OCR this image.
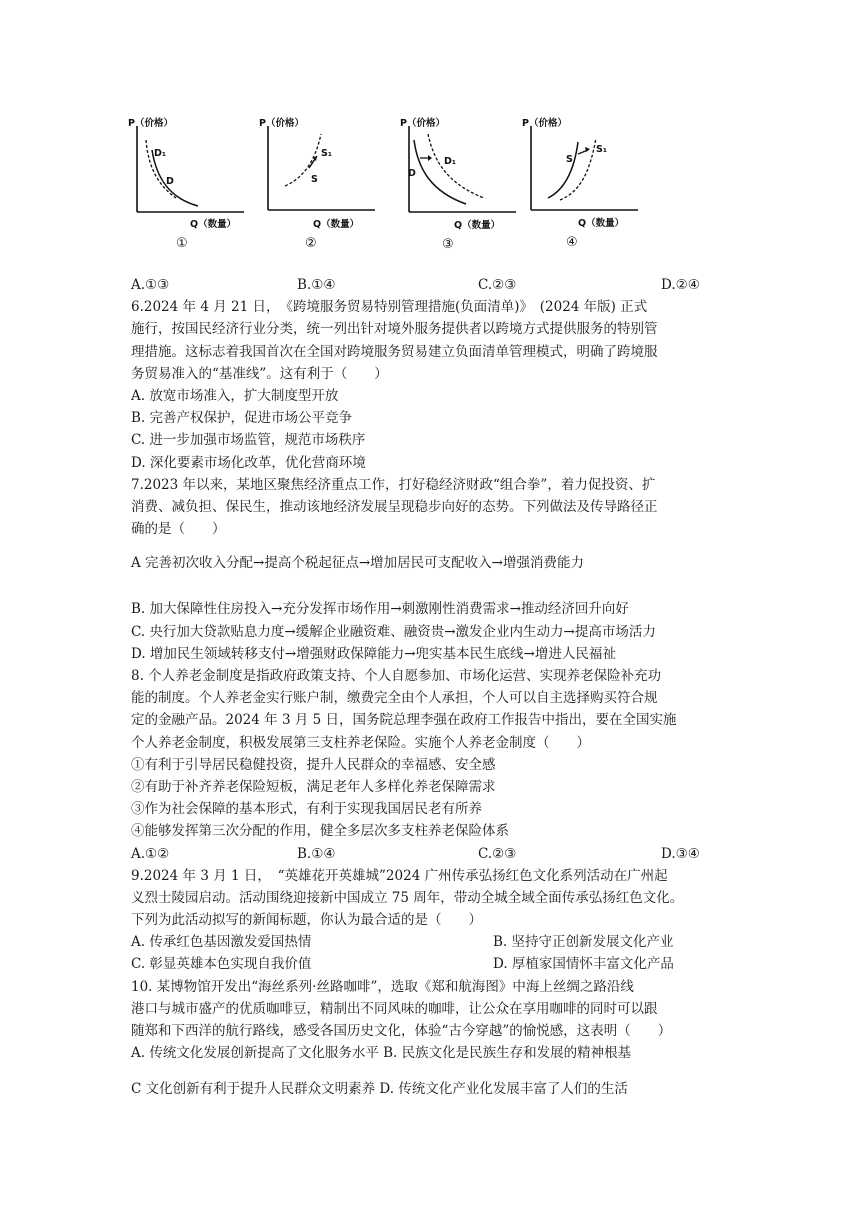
P（价格）
Q（数量）
D₁
D
①
P（价格）
Q（数量）
S₁
S
②
P（价格）
Q（数量）
D
D₁
③
P（价格）
Q（数量）
S
S₁
④
A.①③	B.①④	C.②③	D.②④
6.2024 年 4 月 21 日，　《跨境服务贸易特别管理措施(负面清单)》　(2024 年版) 正式
施行，按国民经济行业分类，统一列出针对境外服务提供者以跨境方式提供服务的特别管
理措施。这标志着我国首次在全国对跨境服务贸易建立负面清单管理模式，明确了跨境服
务贸易准入的“基准线”。这有利于（　　）
A. 放宽市场准入，扩大制度型开放
B. 完善产权保护，促进市场公平竞争
C. 进一步加强市场监管，规范市场秩序
D. 深化要素市场化改革，优化营商环境
7.2023 年以来，某地区聚焦经济重点工作，打好稳经济财政“组合拳”，着力促投资、扩
消费、减负担、保民生，推动该地经济发展呈现稳步向好的态势。下列做法及传导路径正
确的是（　　）
A 完善初次收入分配→提高个税起征点→增加居民可支配收入→增强消费能力
B. 加大保障性住房投入→充分发挥市场作用→刺激刚性消费需求→推动经济回升向好
C. 央行加大贷款贴息力度→缓解企业融资难、融资贵→激发企业内生动力→提高市场活力
D. 增加民生领域转移支付→增强财政保障能力→兜实基本民生底线→增进人民福祉
8. 个人养老金制度是指政府政策支持、个人自愿参加、市场化运营、实现养老保险补充功
能的制度。个人养老金实行账户制，缴费完全由个人承担，个人可以自主选择购买符合规
定的金融产品。2024 年 3 月 5 日，国务院总理李强在政府工作报告中指出，要在全国实施
个人养老金制度，积极发展第三支柱养老保险。实施个人养老金制度（　　）
①有利于引导居民稳健投资，提升人民群众的幸福感、安全感
②有助于补齐养老保险短板，满足老年人多样化养老保障需求
③作为社会保障的基本形式，有利于实现我国居民老有所养
④能够发挥第三次分配的作用，健全多层次多支柱养老保险体系
A.①②	B.①④	C.②③	D.③④
9.2024 年 3 月 1 日，　“英雄花开英雄城”2024 广州传承弘扬红色文化系列活动在广州起
义烈士陵园启动。活动围绕迎接新中国成立 75 周年，带动全城全域全面传承弘扬红色文化。
下列为此活动拟写的新闻标题，你认为最合适的是（　　）
A. 传承红色基因激发爱国热情	B. 坚持守正创新发展文化产业
C. 彰显英雄本色实现自我价值	D. 厚植家国情怀丰富文化产品
10. 某博物馆开发出“海丝系列·丝路咖啡”，选取《郑和航海图》中海上丝绸之路沿线
港口与城市盛产的优质咖啡豆，精制出不同风味的咖啡，让公众在享用咖啡的同时可以跟
随郑和下西洋的航行路线，感受各国历史文化，体验“古今穿越”的愉悦感，这表明（　　）
A. 传统文化发展创新提高了文化服务水平 B. 民族文化是民族生存和发展的精神根基
C 文化创新有利于提升人民群众文明素养 D. 传统文化产业化发展丰富了人们的生活
